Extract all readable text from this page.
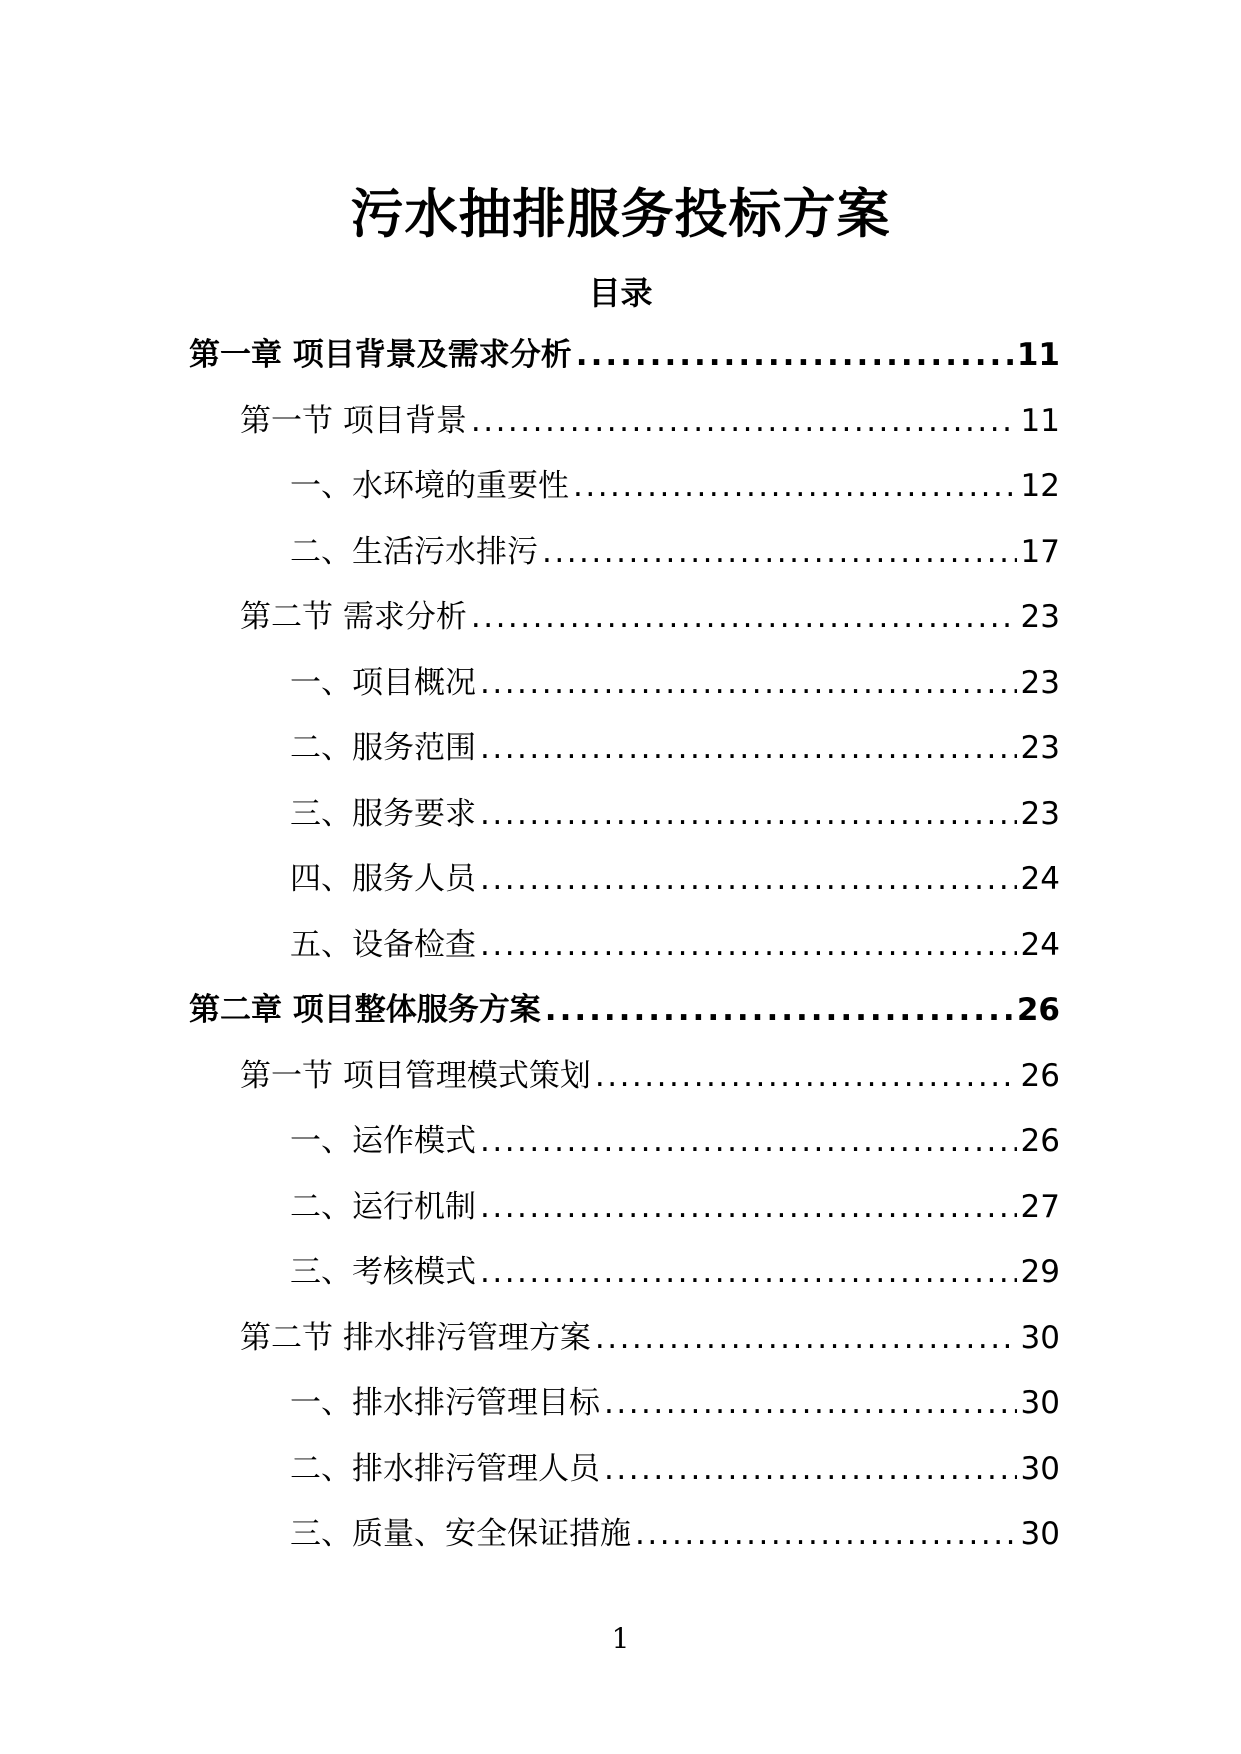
污水抽排服务投标方案
目录
第一章 项目背景及需求分析 .....	11
第一节 项目背景 .....	11
一、水环境的重要性 .....	12
二、生活污水排污 .....	17
第二节 需求分析 .....	23
一、项目概况 .....	23
二、服务范围 .....	23
三、服务要求 .....	23
四、服务人员 .....	24
五、设备检查 .....	24
第二章 项目整体服务方案 .....	26
第一节 项目管理模式策划 .....	26
一、运作模式 .....	26
二、运行机制 .....	27
三、考核模式 .....	29
第二节 排水排污管理方案 .....	30
一、排水排污管理目标 .....	30
二、排水排污管理人员 .....	30
三、质量、安全保证措施 .....	30
1
